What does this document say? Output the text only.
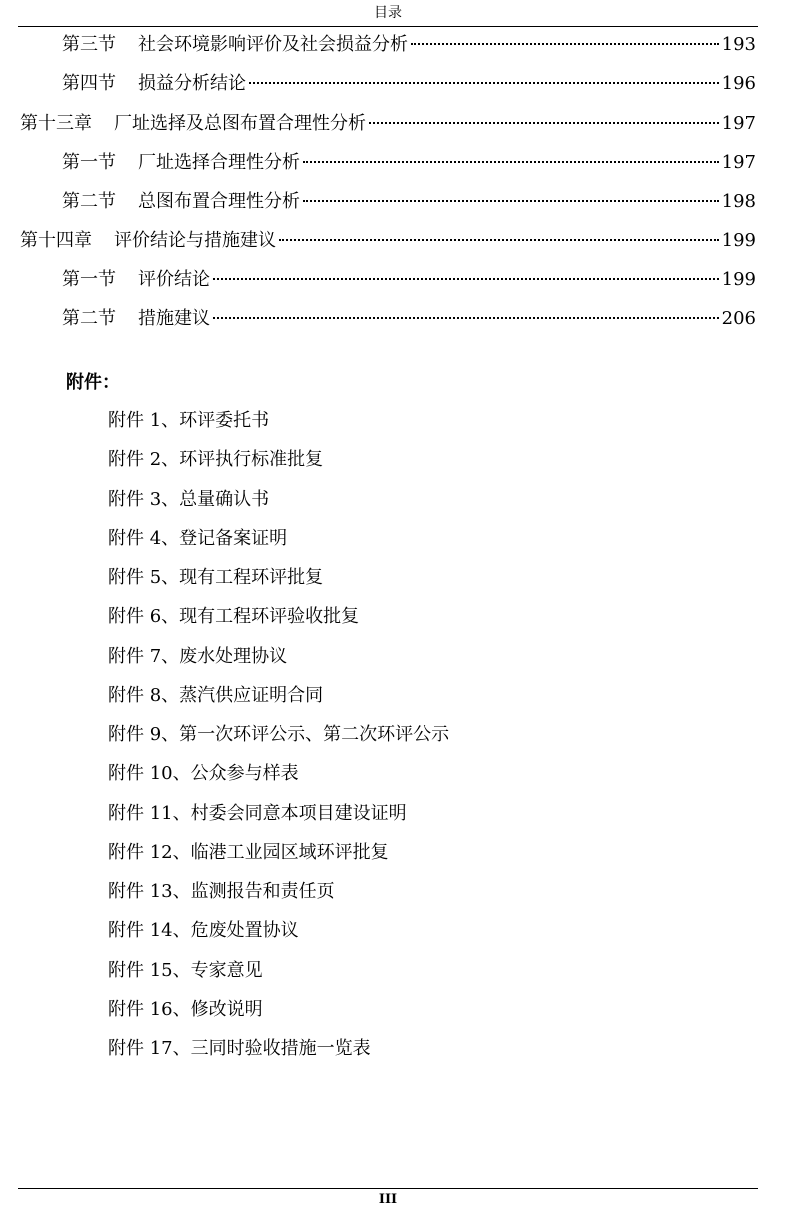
目录
第三节 社会环境影响评价及社会损益分析	193
第四节 损益分析结论	196
第十三章 厂址选择及总图布置合理性分析	197
第一节 厂址选择合理性分析	197
第二节 总图布置合理性分析	198
第十四章 评价结论与措施建议	199
第一节 评价结论	199
第二节 措施建议	206
附件：
附件 1、环评委托书
附件 2、环评执行标准批复
附件 3、总量确认书
附件 4、登记备案证明
附件 5、现有工程环评批复
附件 6、现有工程环评验收批复
附件 7、废水处理协议
附件 8、蒸汽供应证明合同
附件 9、第一次环评公示、第二次环评公示
附件 10、公众参与样表
附件 11、村委会同意本项目建设证明
附件 12、临港工业园区域环评批复
附件 13、监测报告和责任页
附件 14、危废处置协议
附件 15、专家意见
附件 16、修改说明
附件 17、三同时验收措施一览表
III
